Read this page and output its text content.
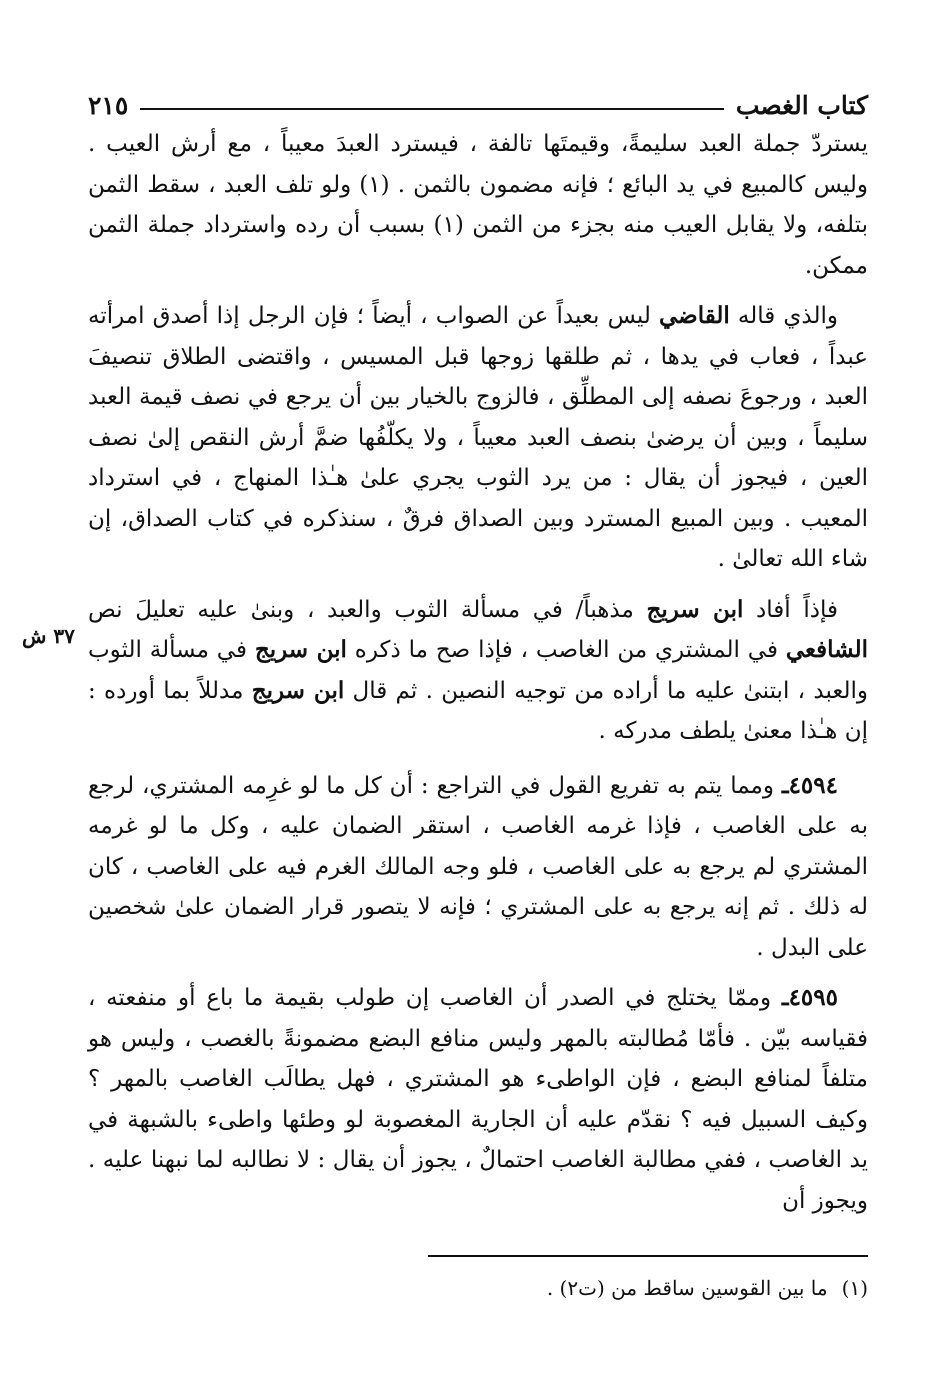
كتاب الغصب
٢١٥
٣٧ ش

يستردّ جملة العبد سليمةً، وقيمتَها تالفة ، فيسترد العبدَ معيباً ، مع أرش العيب . وليس كالمبيع في يد البائع ؛ فإنه مضمون بالثمن . (١) ولو تلف العبد ، سقط الثمن بتلفه، ولا يقابل العيب منه بجزء من الثمن (١) بسبب أن رده واسترداد جملة الثمن ممكن.

والذي قاله القاضي ليس بعيداً عن الصواب ، أيضاً ؛ فإن الرجل إذا أصدق امرأته عبداً ، فعاب في يدها ، ثم طلقها زوجها قبل المسيس ، واقتضى الطلاق تنصيفَ العبد ، ورجوعَ نصفه إلى المطلِّق ، فالزوج بالخيار بين أن يرجع في نصف قيمة العبد سليماً ، وبين أن يرضىٰ بنصف العبد معيباً ، ولا يكلّفُها ضمَّ أرش النقص إلىٰ نصف العين ، فيجوز أن يقال : من يرد الثوب يجري علىٰ هـٰذا المنهاج ، في استرداد المعيب . وبين المبيع المسترد وبين الصداق فرقٌ ، سنذكره في كتاب الصداق، إن شاء الله تعالىٰ .

فإذاً أفاد ابن سريج مذهباً/ في مسألة الثوب والعبد ، وبنىٰ عليه تعليلَ نص الشافعي في المشتري من الغاصب ، فإذا صح ما ذكره ابن سريج في مسألة الثوب والعبد ، ابتنىٰ عليه ما أراده من توجيه النصين . ثم قال ابن سريج مدللاً بما أورده : إن هـٰذا معنىٰ يلطف مدركه .

٤٥٩٤ـ ومما يتم به تفريع القول في التراجع : أن كل ما لو غرِمه المشتري، لرجع به على الغاصب ، فإذا غرمه الغاصب ، استقر الضمان عليه ، وكل ما لو غرمه المشتري لم يرجع به على الغاصب ، فلو وجه المالك الغرم فيه على الغاصب ، كان له ذلك . ثم إنه يرجع به على المشتري ؛ فإنه لا يتصور قرار الضمان علىٰ شخصين على البدل .

٤٥٩٥ـ وممّا يختلج في الصدر أن الغاصب إن طولب بقيمة ما باع أو منفعته ، فقياسه بيّن . فأمّا مُطالبته بالمهر وليس منافع البضع مضمونةً بالغصب ، وليس هو متلفاً لمنافع البضع ، فإن الواطىء هو المشتري ، فهل يطالَب الغاصب بالمهر ؟ وكيف السبيل فيه ؟ نقدّم عليه أن الجارية المغصوبة لو وطئها واطىء بالشبهة في يد الغاصب ، ففي مطالبة الغاصب احتمالٌ ، يجوز أن يقال : لا نطالبه لما نبهنا عليه . ويجوز أن

(١)ما بين القوسين ساقط من (ت٢) .
